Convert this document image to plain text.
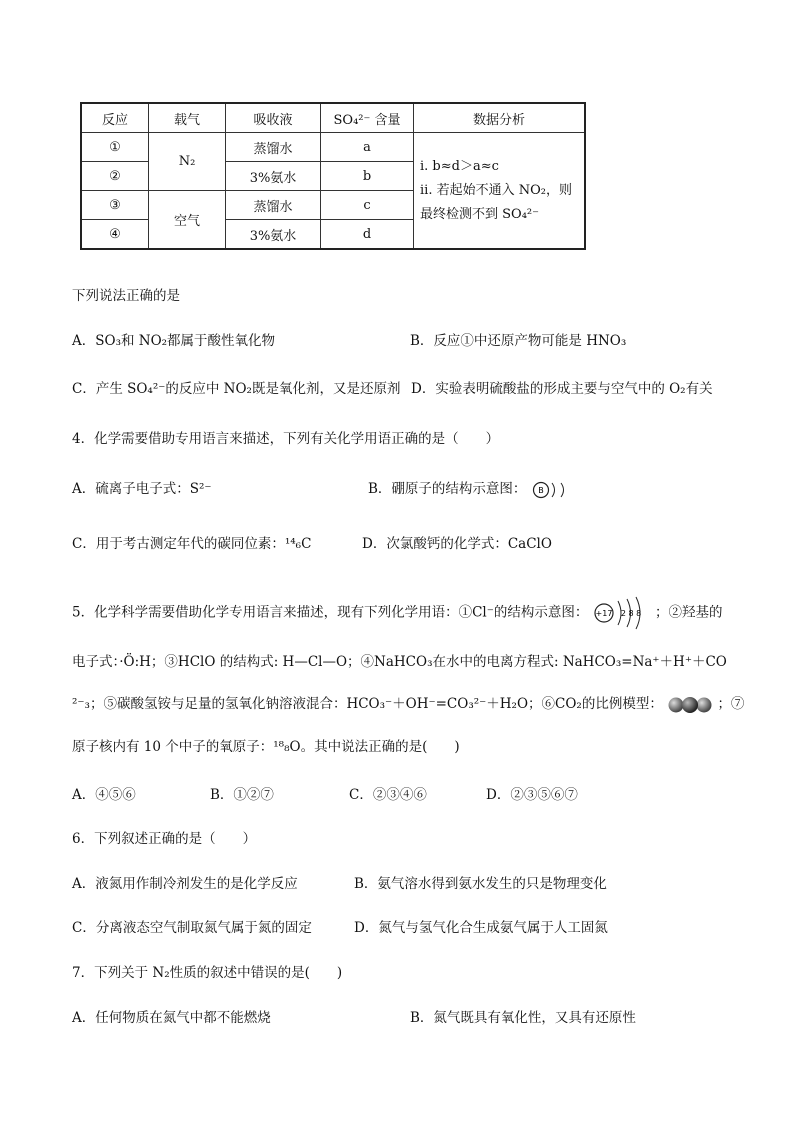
反应	载气	吸收液	SO₄²⁻ 含量	数据分析
①	N₂	蒸馏水	a	ⅰ. b≈d＞a≈c
ⅱ. 若起始不通入 NO₂，则
最终检测不到 SO₄²⁻

②		3%氨水	b	
③	空气	蒸馏水	c	
④		3%氨水	d	
下列说法正确的是
A．SO₃和 NO₂都属于酸性氧化物	B．反应①中还原产物可能是 HNO₃
C．产生 SO₄²⁻的反应中 NO₂既是氧化剂，又是还原剂 D．实验表明硫酸盐的形成主要与空气中的 O₂有关
4．化学需要借助专用语言来描述，下列有关化学用语正确的是（　　）
A．硫离子电子式：S²⁻	B．硼原子的结构示意图： B
C．用于考古测定年代的碳同位素：¹⁴₆C	D．次氯酸钙的化学式：CaClO
5．化学科学需要借助化学专用语言来描述，现有下列化学用语：①Cl⁻的结构示意图： +17 2 8 8 ；②羟基的
电子式：·Ö:H；③HClO 的结构式: H—Cl—O；④NaHCO₃在水中的电离方程式: NaHCO₃=Na⁺＋H⁺＋CO
²⁻₃；⑤碳酸氢铵与足量的氢氧化钠溶液混合：HCO₃⁻＋OH⁻=CO₃²⁻＋H₂O；⑥CO₂的比例模型：	；⑦
原子核内有 10 个中子的氧原子：¹⁸₈O。其中说法正确的是(　　)
A．④⑤⑥	B．①②⑦	C．②③④⑥	D．②③⑤⑥⑦
6．下列叙述正确的是（　　）
A．液氮用作制冷剂发生的是化学反应	B．氨气溶水得到氨水发生的只是物理变化
C．分离液态空气制取氮气属于氮的固定	D．氮气与氢气化合生成氨气属于人工固氮
7．下列关于 N₂性质的叙述中错误的是(　　)
A．任何物质在氮气中都不能燃烧	B．氮气既具有氧化性，又具有还原性
